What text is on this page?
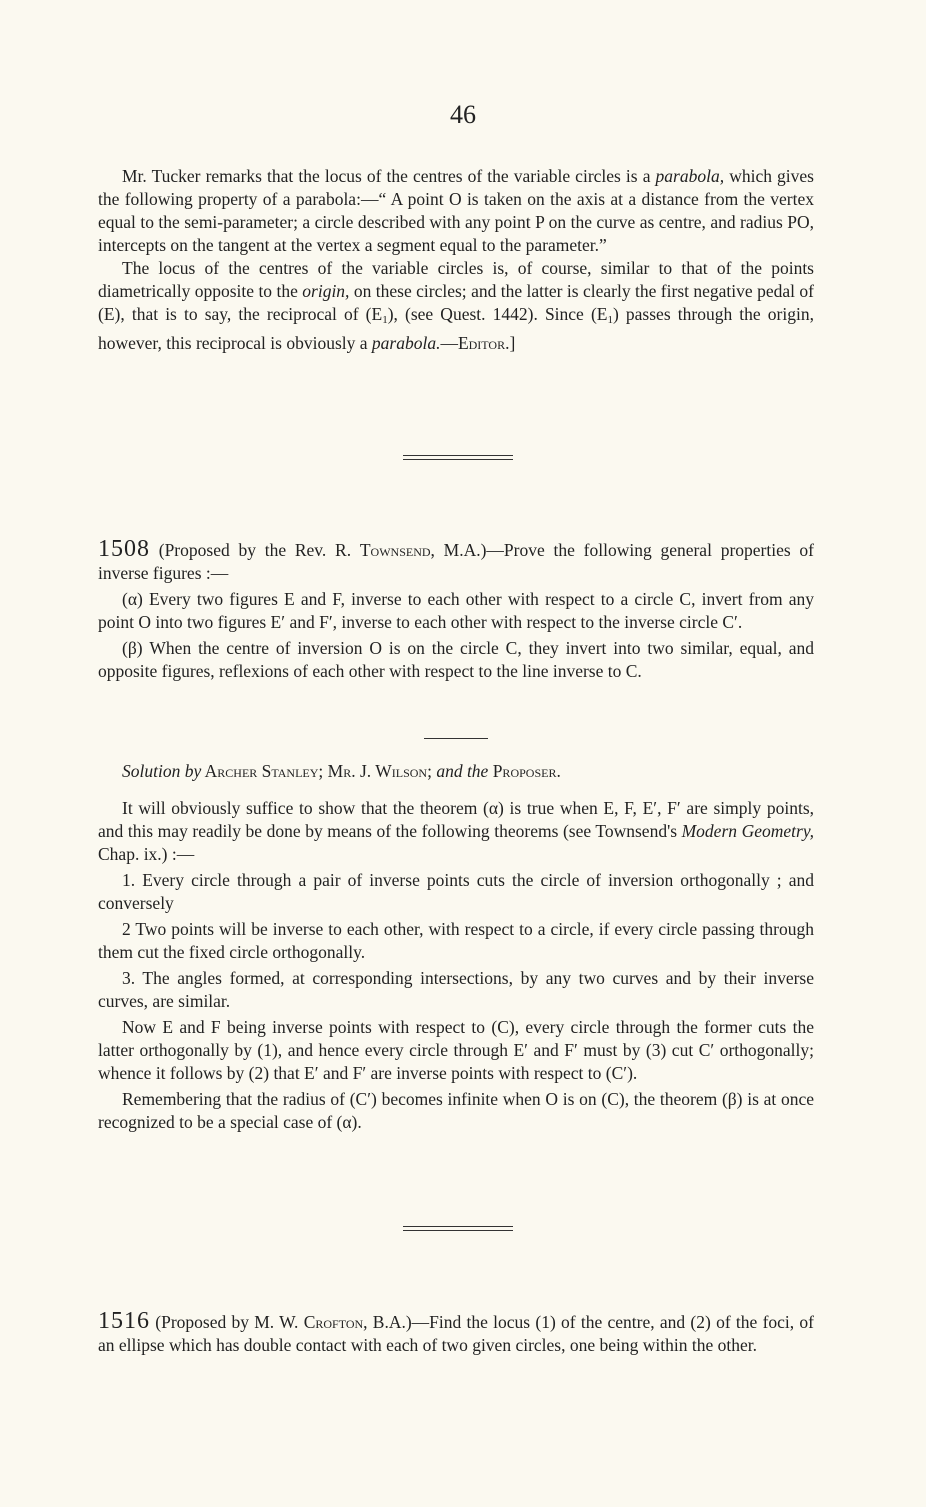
46

Mr. Tucker remarks that the locus of the centres of the variable circles is a parabola, which gives the following property of a parabola:—“ A point O is taken on the axis at a distance from the vertex equal to the semi-parameter; a circle described with any point P on the curve as centre, and radius PO, intercepts on the tangent at the vertex a segment equal to the parameter.”

The locus of the centres of the variable circles is, of course, similar to that of the points diametrically opposite to the origin, on these circles; and the latter is clearly the first negative pedal of (E), that is to say, the reciprocal of $(E_1)$, (see Quest. 1442). Since $(E_1)$ passes through the origin, however, this reciprocal is obviously a parabola.—Editor.]

1508 (Proposed by the Rev. R. Townsend, M.A.)—Prove the following general properties of inverse figures :—

(α) Every two figures E and F, inverse to each other with respect to a circle C, invert from any point O into two figures E′ and F′, inverse to each other with respect to the inverse circle C′.

(β) When the centre of inversion O is on the circle C, they invert into two similar, equal, and opposite figures, reflexions of each other with respect to the line inverse to C.

Solution by Archer Stanley; Mr. J. Wilson; and the Proposer.

It will obviously suffice to show that the theorem (α) is true when E, F, E′, F′ are simply points, and this may readily be done by means of the following theorems (see Townsend's Modern Geometry, Chap. ix.) :—

1. Every circle through a pair of inverse points cuts the circle of inversion orthogonally ; and conversely

2 Two points will be inverse to each other, with respect to a circle, if every circle passing through them cut the fixed circle orthogonally.

3. The angles formed, at corresponding intersections, by any two curves and by their inverse curves, are similar.

Now E and F being inverse points with respect to (C), every circle through the former cuts the latter orthogonally by (1), and hence every circle through E′ and F′ must by (3) cut C′ orthogonally; whence it follows by (2) that E′ and F′ are inverse points with respect to (C′).

Remembering that the radius of (C′) becomes infinite when O is on (C), the theorem (β) is at once recognized to be a special case of (α).

1516 (Proposed by M. W. Crofton, B.A.)—Find the locus (1) of the centre, and (2) of the foci, of an ellipse which has double contact with each of two given circles, one being within the other.
